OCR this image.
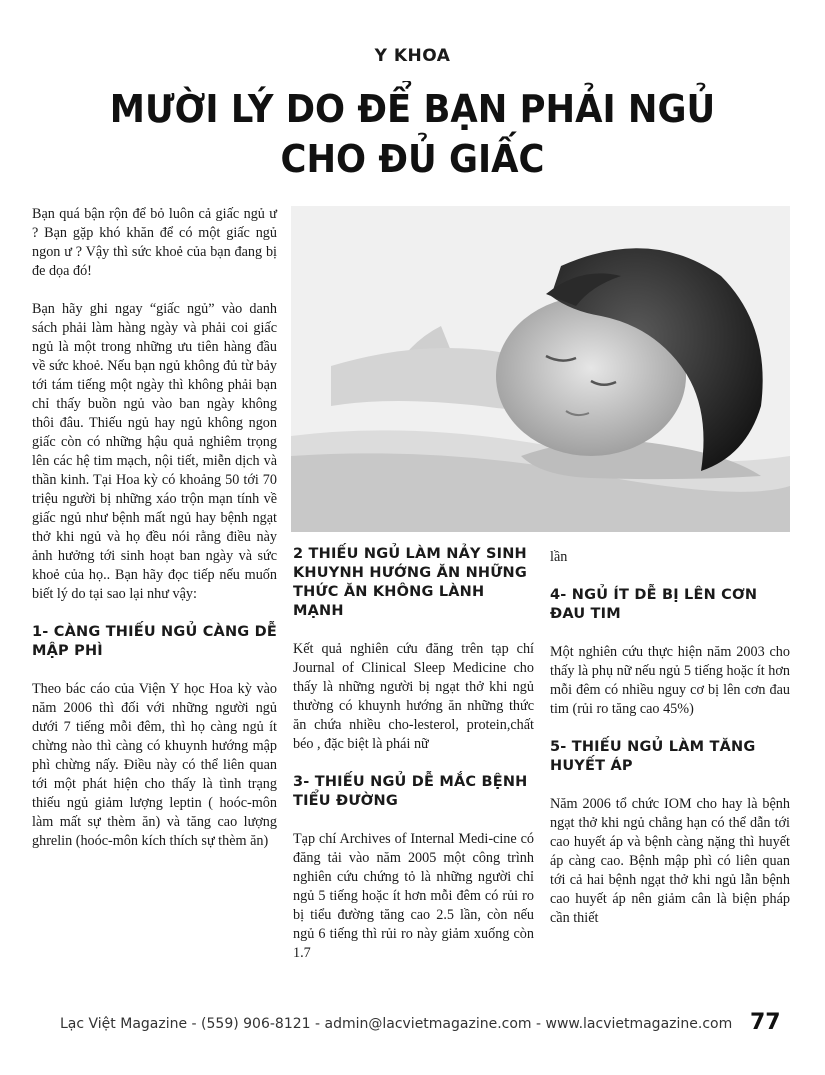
Y KHOA
MƯỜI LÝ DO ĐỂ BẠN PHẢI NGỦ
CHO ĐỦ GIẤC

Bạn quá bận rộn để bỏ luôn cả giấc ngủ ư ? Bạn gặp khó khăn để có một giấc ngủ ngon ư ? Vậy thì sức khoẻ của bạn đang bị đe dọa đó!

Bạn hãy ghi ngay “giấc ngủ” vào danh sách phải làm hàng ngày và phải coi giấc ngủ là một trong những ưu tiên hàng đầu về sức khoẻ. Nếu bạn ngủ không đủ từ bảy tới tám tiếng một ngày thì không phải bạn chỉ thấy buồn ngủ vào ban ngày không thôi đâu. Thiếu ngủ hay ngủ không ngon giấc còn có những hậu quả nghiêm trọng lên các hệ tim mạch, nội tiết, miễn dịch và thần kinh. Tại Hoa kỳ có khoảng 50 tới 70 triệu người bị những xáo trộn mạn tính về giấc ngủ như bệnh mất ngủ hay bệnh ngạt thở khi ngủ và họ đều nói rằng điều này ảnh hưởng tới sinh hoạt ban ngày và sức khoẻ của họ.. Bạn hãy đọc tiếp nếu muốn biết lý do tại sao lại như vậy:

1- CÀNG THIẾU NGỦ CÀNG DỄ MẬP PHÌ

Theo bác cáo của Viện Y học Hoa kỳ vào năm 2006 thì đối với những người ngủ dưới 7 tiếng mỗi đêm, thì họ càng ngủ ít chừng nào thì càng có khuynh hướng mập phì chừng nấy. Điều này có thể liên quan tới một phát hiện cho thấy là tình trạng thiếu ngủ giảm lượng leptin ( hoóc-môn làm mất sự thèm ăn) và tăng cao lượng ghrelin (hoóc-môn kích thích sự thèm ăn)

2 THIẾU NGỦ LÀM NẢY SINH KHUYNH HƯỚNG ĂN NHỮNG THỨC ĂN KHÔNG LÀNH MẠNH

Kết quả nghiên cứu đăng trên tạp chí Journal of Clinical Sleep Medicine cho thấy là những người bị ngạt thở khi ngủ thường có khuynh hướng ăn những thức ăn chứa nhiều cho-lesterol, protein,chất béo , đặc biệt là phái nữ

3- THIẾU NGỦ DỄ MẮC BỆNH TIỂU ĐƯỜNG

Tạp chí Archives of Internal Medi-cine có đăng tải vào năm 2005 một công trình nghiên cứu chứng tỏ là những người chỉ ngủ 5 tiếng hoặc ít hơn mỗi đêm có rủi ro bị tiểu đường tăng cao 2.5 lần, còn nếu ngủ 6 tiếng thì rủi ro này giảm xuống còn 1.7

lần

4- NGỦ ÍT DỄ BỊ LÊN CƠN ĐAU TIM

Một nghiên cứu thực hiện năm 2003 cho thấy là phụ nữ nếu ngủ 5 tiếng hoặc ít hơn mỗi đêm có nhiều nguy cơ bị lên cơn đau tim (rủi ro tăng cao 45%)

5- THIẾU NGỦ LÀM TĂNG HUYẾT ÁP

Năm 2006 tổ chức IOM cho hay là bệnh ngạt thở khi ngủ chẳng hạn có thể dẫn tới cao huyết áp và bệnh càng nặng thì huyết áp càng cao. Bệnh mập phì có liên quan tới cả hai bệnh ngạt thở khi ngủ lẫn bệnh cao huyết áp nên giảm cân là biện pháp cần thiết

Lạc Việt Magazine - (559) 906-8121 - admin@lacvietmagazine.com - www.lacvietmagazine.com 77
